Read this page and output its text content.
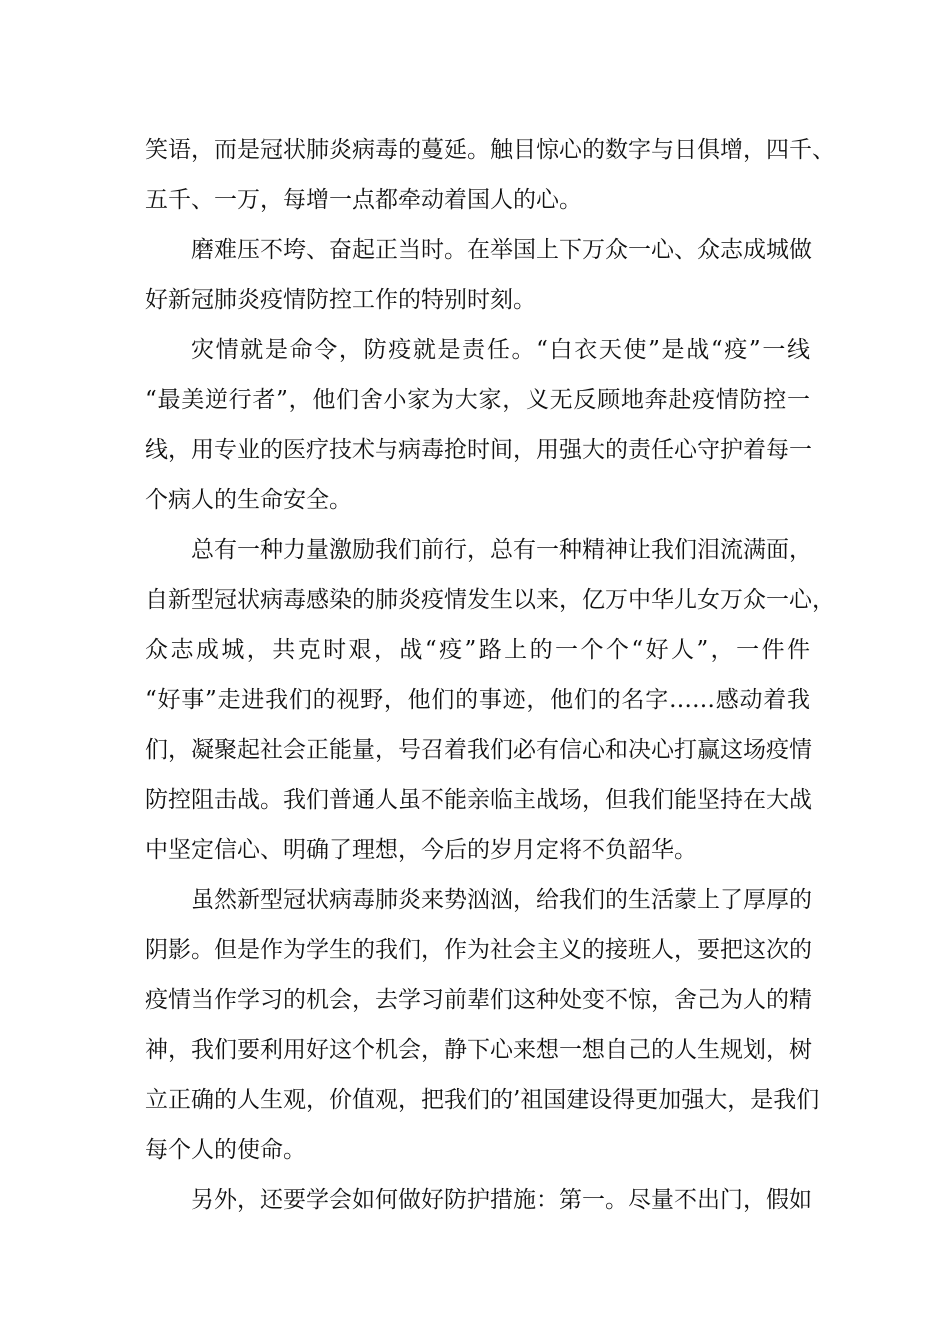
笑语，而是冠状肺炎病毒的蔓延。触目惊心的数字与日俱增，四千、
五千、一万，每增一点都牵动着国人的心。
磨难压不垮、奋起正当时。在举国上下万众一心、众志成城做
好新冠肺炎疫情防控工作的特别时刻。
灾情就是命令，防疫就是责任。“白衣天使”是战“疫”一线
“最美逆行者”，他们舍小家为大家，义无反顾地奔赴疫情防控一
线，用专业的医疗技术与病毒抢时间，用强大的责任心守护着每一
个病人的生命安全。
总有一种力量激励我们前行，总有一种精神让我们泪流满面，
自新型冠状病毒感染的肺炎疫情发生以来，亿万中华儿女万众一心，
众志成城，共克时艰，战“疫”路上的一个个“好人”，一件件
“好事”走进我们的视野，他们的事迹，他们的名字……感动着我
们，凝聚起社会正能量，号召着我们必有信心和决心打赢这场疫情
防控阻击战。我们普通人虽不能亲临主战场，但我们能坚持在大战
中坚定信心、明确了理想，今后的岁月定将不负韶华。
虽然新型冠状病毒肺炎来势汹汹，给我们的生活蒙上了厚厚的
阴影。但是作为学生的我们，作为社会主义的接班人，要把这次的
疫情当作学习的机会，去学习前辈们这种处变不惊，舍己为人的精
神，我们要利用好这个机会，静下心来想一想自己的人生规划，树
立正确的人生观，价值观，把我们的’祖国建设得更加强大，是我们
每个人的使命。
另外，还要学会如何做好防护措施：第一。尽量不出门，假如
